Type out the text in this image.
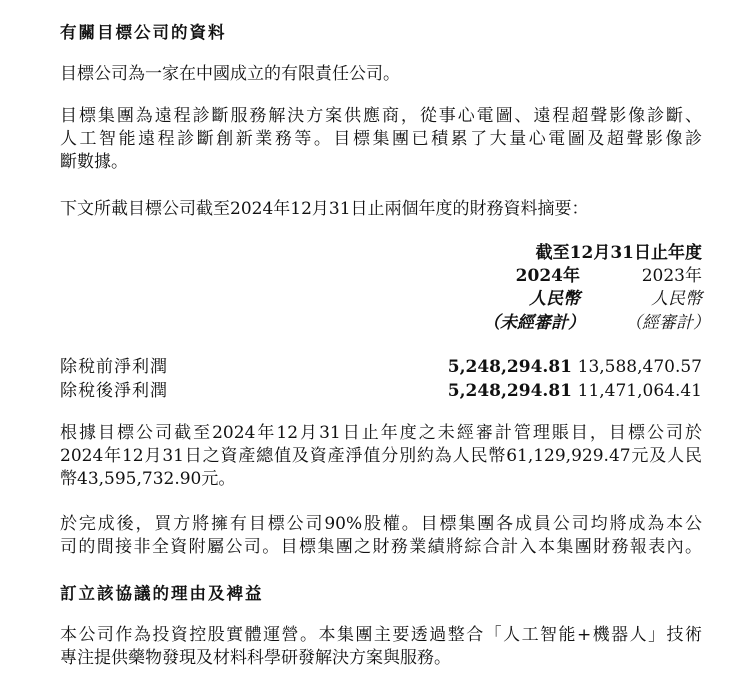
有關目標公司的資料
目標公司為一家在中國成立的有限責任公司。
目標集團為遠程診斷服務解決方案供應商，從事心電圖、遠程超聲影像診斷、
人工智能遠程診斷創新業務等。目標集團已積累了大量心電圖及超聲影像診
斷數據。
下文所載目標公司截至2024年12月31日止兩個年度的財務資料摘要：
截至12月31日止年度
2024年	2023年
人民幣	人民幣
（未經審計） （經審計）
除稅前淨利潤	5,248,294.81 13,588,470.57
除稅後淨利潤	5,248,294.81 11,471,064.41
根據目標公司截至2024年12月31日止年度之未經審計管理賬目，目標公司於
2024年12月31日之資產總值及資產淨值分別約為人民幣61,129,929.47元及人民
幣43,595,732.90元。
於完成後，買方將擁有目標公司90%股權。目標集團各成員公司均將成為本公
司的間接非全資附屬公司。目標集團之財務業績將綜合計入本集團財務報表內。
訂立該協議的理由及裨益
本公司作為投資控股實體運營。本集團主要透過整合「人工智能+機器人」技術
專注提供藥物發現及材料科學研發解決方案與服務。
